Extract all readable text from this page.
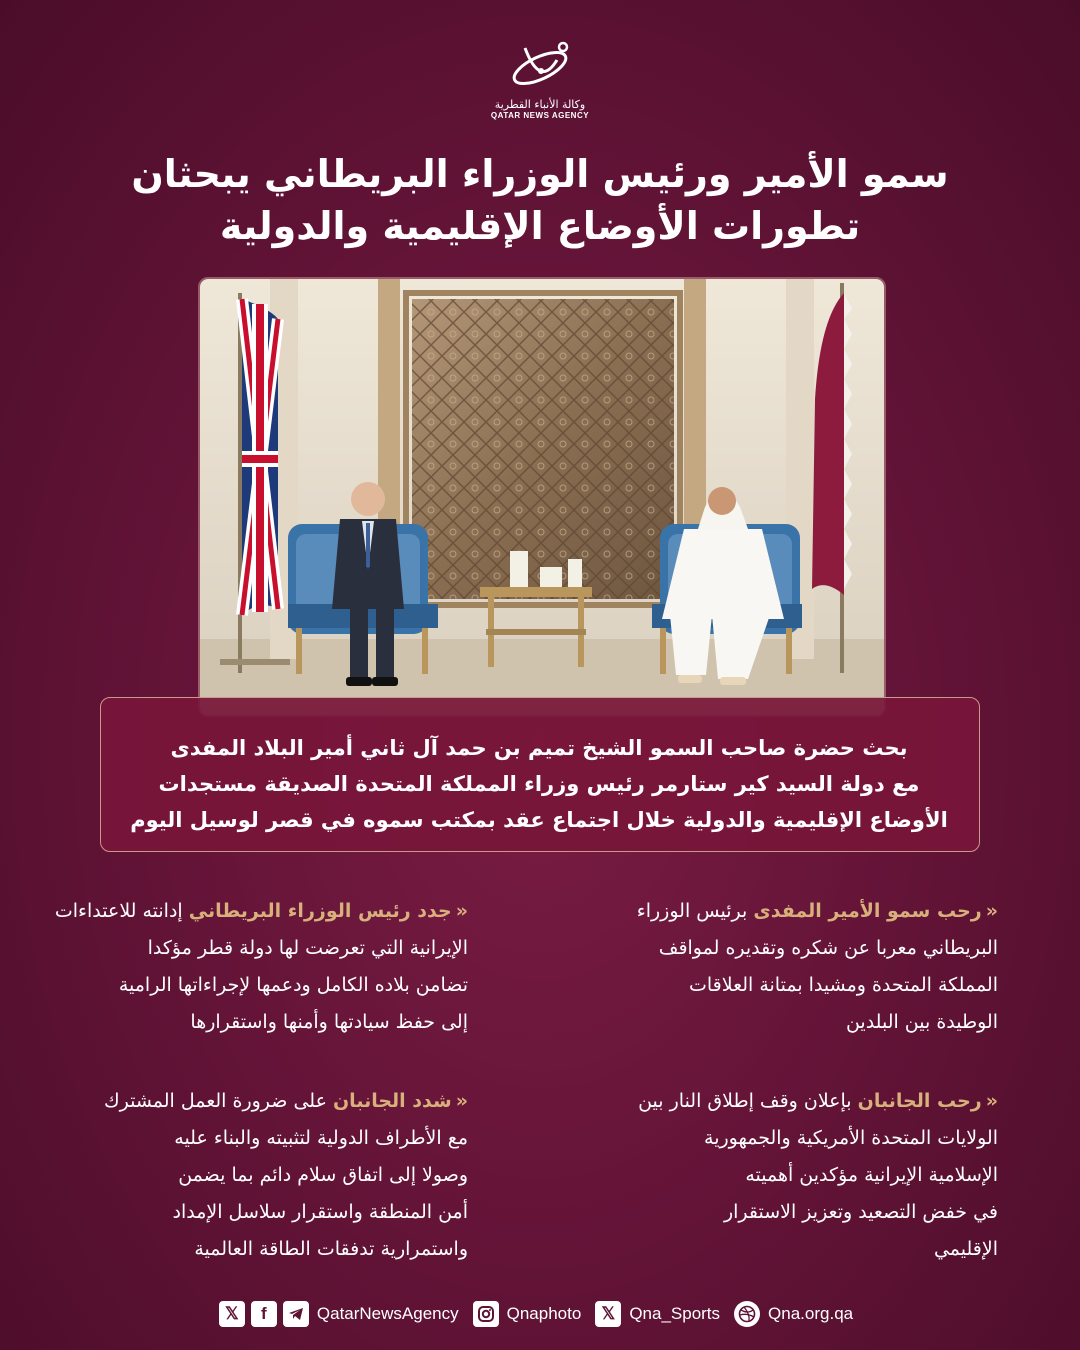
وكالة الأنباء القطرية
QATAR NEWS AGENCY
سمو الأمير ورئيس الوزراء البريطاني يبحثان
تطورات الأوضاع الإقليمية والدولية

بحث حضرة صاحب السمو الشيخ تميم بن حمد آل ثاني أمير البلاد المفدى

مع دولة السيد كير ستارمر رئيس وزراء المملكة المتحدة الصديقة مستجدات

الأوضاع الإقليمية والدولية خلال اجتماع عقد بمكتب سموه في قصر لوسيل اليوم

«رحب سمو الأمير المفدى برئيس الوزراء
البريطاني معربا عن شكره وتقديره لمواقف
المملكة المتحدة ومشيدا بمتانة العلاقات
الوطيدة بين البلدين
«جدد رئيس الوزراء البريطاني إدانته للاعتداءات
الإيرانية التي تعرضت لها دولة قطر مؤكدا
تضامن بلاده الكامل ودعمها لإجراءاتها الرامية
إلى حفظ سيادتها وأمنها واستقرارها
«رحب الجانبان بإعلان وقف إطلاق النار بين
الولايات المتحدة الأمريكية والجمهورية
الإسلامية الإيرانية مؤكدين أهميته
في خفض التصعيد وتعزيز الاستقرار
الإقليمي
«شدد الجانبان على ضرورة العمل المشترك
مع الأطراف الدولية لتثبيته والبناء عليه
وصولا إلى اتفاق سلام دائم بما يضمن
أمن المنطقة واستقرار سلاسل الإمداد
واستمرارية تدفقات الطاقة العالمية
𝕏	f	QatarNewsAgency	Qnaphoto	𝕏 Qna_Sports	Qna.org.qa
